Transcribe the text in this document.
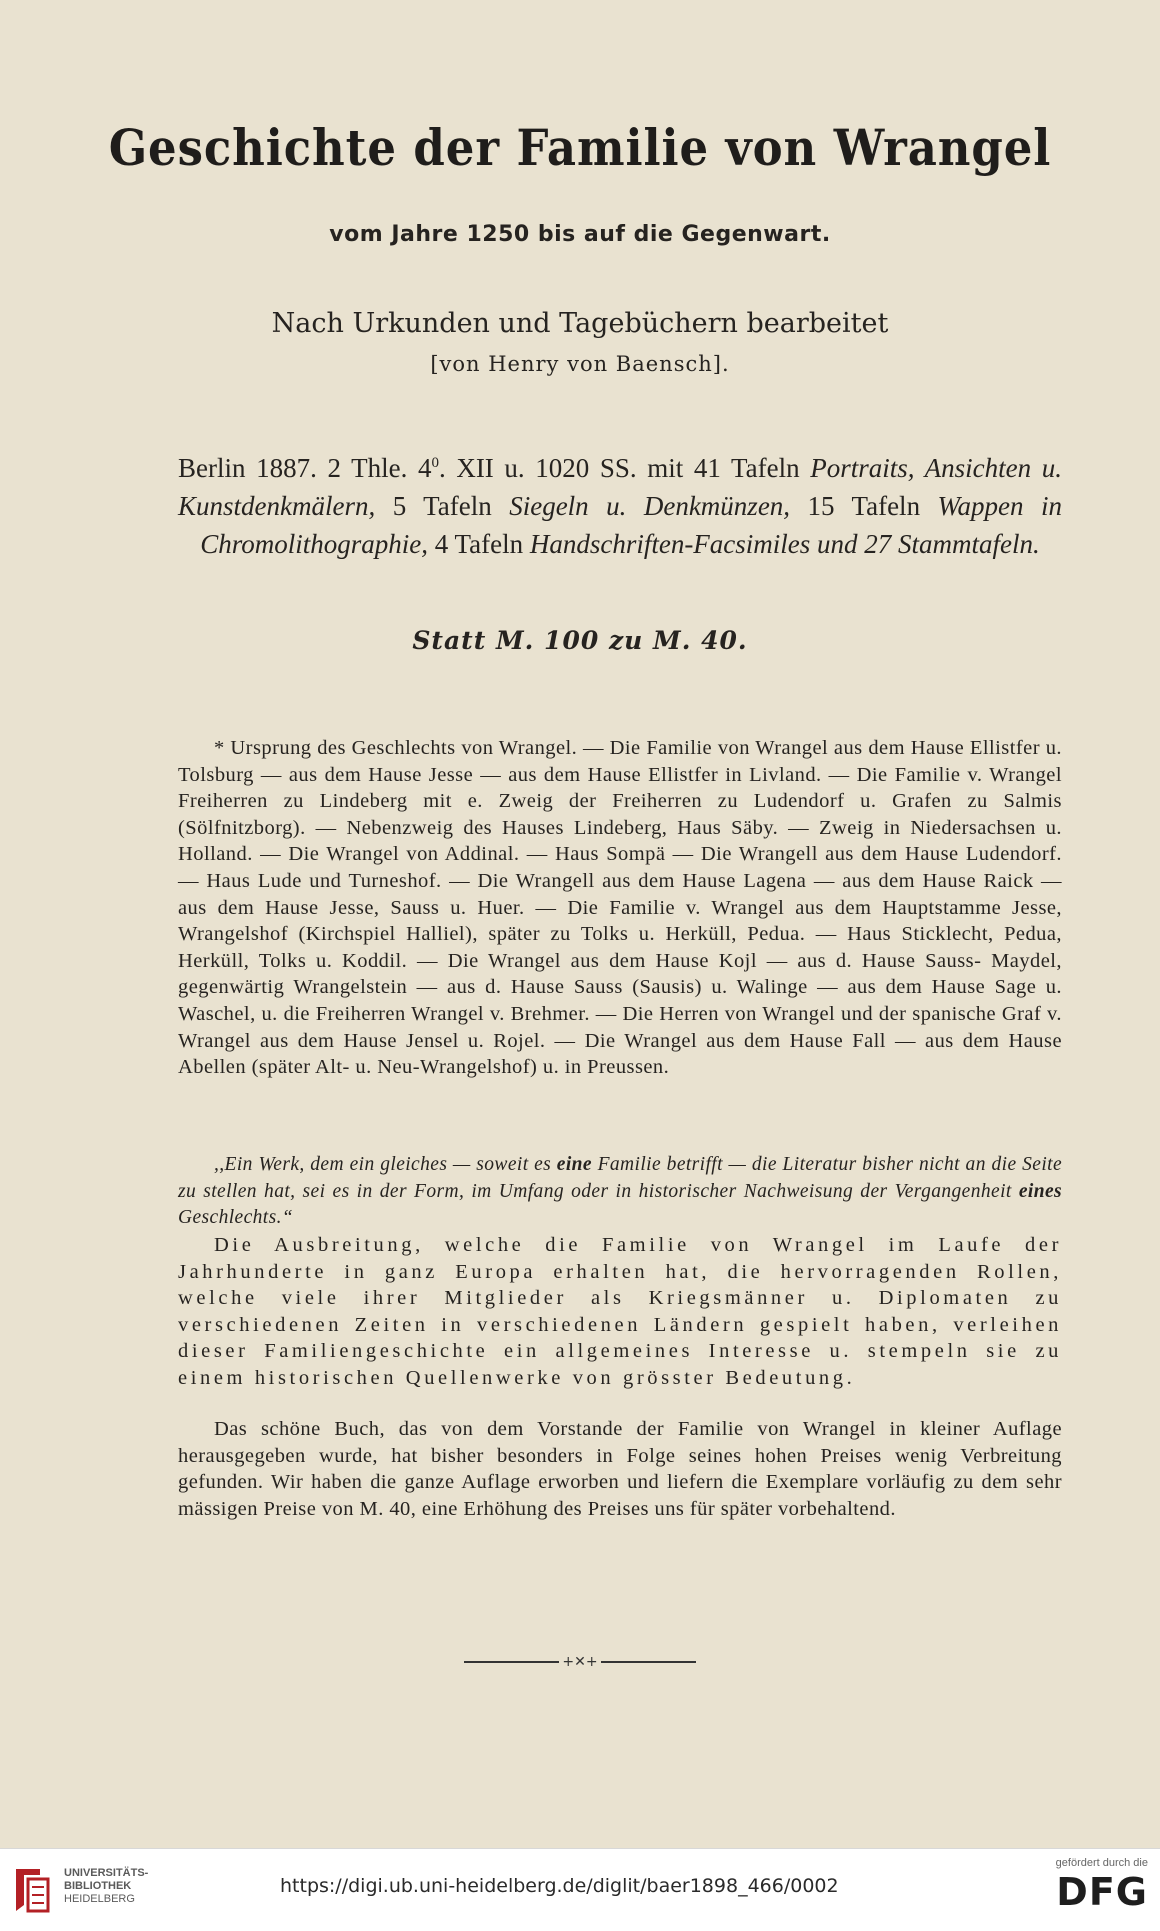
Geschichte der Familie von Wrangel
vom Jahre 1250 bis auf die Gegenwart.
Nach Urkunden und Tagebüchern bearbeitet
[von Henry von Baensch].
Berlin 1887. 2 Thle. $4^0$. XII u. 1020 SS. mit 41 Tafeln Portraits, Ansichten u. Kunstdenkmälern, 5 Tafeln Siegeln u. Denkmünzen, 15 Tafeln Wappen in Chromolithographie, 4 Tafeln Handschriften-Facsimiles und 27 Stammtafeln.
Statt M. 100 zu M. 40.

* Ursprung des Geschlechts von Wrangel. — Die Familie von Wrangel aus dem Hause Ellistfer u. Tolsburg — aus dem Hause Jesse — aus dem Hause Ellistfer in Livland. — Die Familie v. Wrangel Freiherren zu Lindeberg mit e. Zweig der Freiherren zu Ludendorf u. Grafen zu Salmis (Sölfnitzborg). — Nebenzweig des Hauses Lindeberg, Haus Säby. — Zweig in Niedersachsen u. Holland. — Die Wrangel von Addinal. — Haus Sompä — Die Wrangell aus dem Hause Ludendorf. — Haus Lude und Turneshof. — Die Wrangell aus dem Hause Lagena — aus dem Hause Raick — aus dem Hause Jesse, Sauss u. Huer. — Die Familie v. Wrangel aus dem Hauptstamme Jesse, Wrangelshof (Kirchspiel Halliel), später zu Tolks u. Herküll, Pedua. — Haus Sticklecht, Pedua, Herküll, Tolks u. Koddil. — Die Wrangel aus dem Hause Kojl — aus d. Hause Sauss- Maydel, gegenwärtig Wrangelstein — aus d. Hause Sauss (Sausis) u. Walinge — aus dem Hause Sage u. Waschel, u. die Freiherren Wrangel v. Brehmer. — Die Herren von Wrangel und der spanische Graf v. Wrangel aus dem Hause Jensel u. Rojel. — Die Wrangel aus dem Hause Fall — aus dem Hause Abellen (später Alt- u. Neu-Wrangelshof) u. in Preussen.

,,Ein Werk, dem ein gleiches — soweit es eine Familie betrifft — die Literatur bisher nicht an die Seite zu stellen hat, sei es in der Form, im Umfang oder in historischer Nachweisung der Vergangenheit eines Geschlechts.“
Die Ausbreitung, welche die Familie von Wrangel im Laufe der Jahrhunderte in ganz Europa erhalten hat, die hervorragenden Rollen, welche viele ihrer Mitglieder als Kriegsmänner u. Diplomaten zu verschiedenen Zeiten in verschiedenen Ländern gespielt haben, verleihen dieser Familiengeschichte ein allgemeines Interesse u. stempeln sie zu einem historischen Quellenwerke von grösster Bedeutung.
Das schöne Buch, das von dem Vorstande der Familie von Wrangel in kleiner Auflage herausgegeben wurde, hat bisher besonders in Folge seines hohen Preises wenig Verbreitung gefunden. Wir haben die ganze Auflage erworben und liefern die Exemplare vorläufig zu dem sehr mässigen Preise von M. 40, eine Erhöhung des Preises uns für später vorbehaltend.
+✕+
UNIVERSITÄTS-
BIBLIOTHEK
HEIDELBERG
https://digi.ub.uni-heidelberg.de/diglit/baer1898_466/0002
gefördert durch die
DFG
